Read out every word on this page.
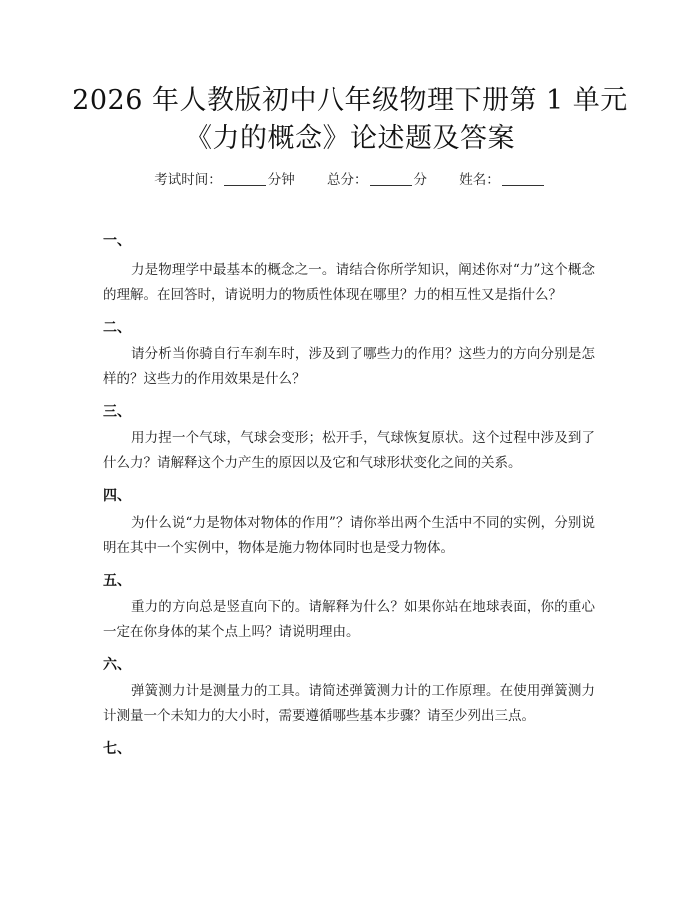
2026 年人教版初中八年级物理下册第 1 单元
《力的概念》论述题及答案
考试时间：	分钟 总分：	分 姓名：
一、
力是物理学中最基本的概念之一。请结合你所学知识，阐述你对“力”这个概念的理解。在回答时，请说明力的物质性体现在哪里？力的相互性又是指什么？
二、
请分析当你骑自行车刹车时，涉及到了哪些力的作用？这些力的方向分别是怎样的？这些力的作用效果是什么？
三、
用力捏一个气球，气球会变形；松开手，气球恢复原状。这个过程中涉及到了什么力？请解释这个力产生的原因以及它和气球形状变化之间的关系。
四、
为什么说“力是物体对物体的作用”？请你举出两个生活中不同的实例，分别说明在其中一个实例中，物体是施力物体同时也是受力物体。
五、
重力的方向总是竖直向下的。请解释为什么？如果你站在地球表面，你的重心一定在你身体的某个点上吗？请说明理由。
六、
弹簧测力计是测量力的工具。请简述弹簧测力计的工作原理。在使用弹簧测力计测量一个未知力的大小时，需要遵循哪些基本步骤？请至少列出三点。
七、
